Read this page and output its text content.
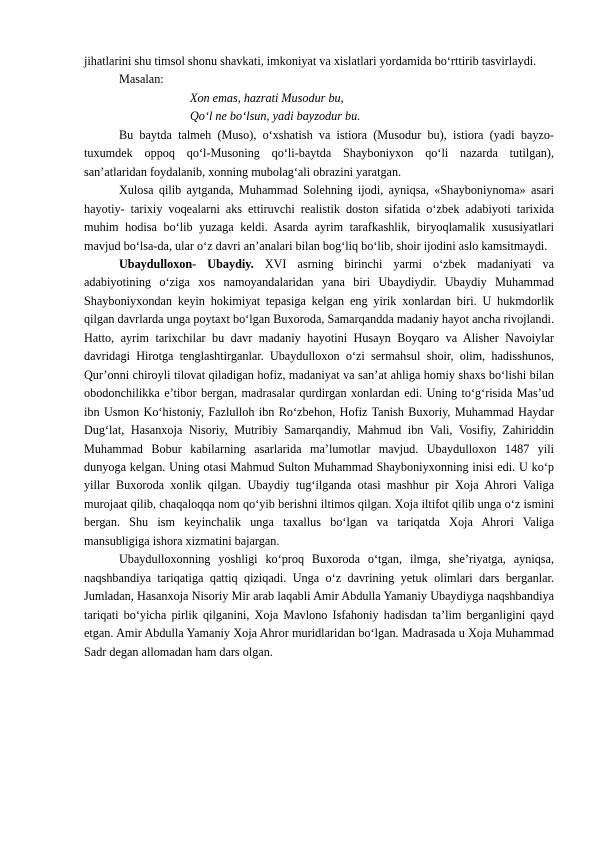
jihatlarini shu timsol shonu shavkati, imkoniyat va xislatlari yordamida bo‘rttirib tasvirlaydi.

Masalan:

Xon emas, hazrati Musodur bu,

Qo‘l ne bo‘lsun, yadi bayzodur bu.

Bu baytda talmeh (Muso), o‘xshatish va istiora (Musodur bu), istiora (yadi bayzo-tuxumdek oppoq qo‘l-Musoning qo‘li-baytda Shayboniyxon qo‘li nazarda tutilgan), san’atlaridan foydalanib, xonning mubolag‘ali obrazini yaratgan.

Xulosa qilib aytganda, Muhammad Solehning ijodi, ayniqsa, «Shayboniynoma» asari hayotiy- tarixiy voqealarni aks ettiruvchi realistik doston sifatida o‘zbek adabiyoti tarixida muhim hodisa bo‘lib yuzaga keldi. Asarda ayrim tarafkashlik, biryoqlamalik xususiyatlari mavjud bo‘lsa-da, ular o‘z davri an’analari bilan bog‘liq bo‘lib, shoir ijodini aslo kamsitmaydi.

Ubaydulloxon- Ubaydiy. XVI asrning birinchi yarmi o‘zbek madaniyati va adabiyotining o‘ziga xos namoyandalaridan yana biri Ubaydiydir. Ubaydiy Muhammad Shayboniyxondan keyin hokimiyat tepasiga kelgan eng yirik xonlardan biri. U hukmdorlik qilgan davrlarda unga poytaxt bo‘lgan Buxoroda, Samarqandda madaniy hayot ancha rivojlandi. Hatto, ayrim tarixchilar bu davr madaniy hayotini Husayn Boyqaro va Alisher Navoiylar davridagi Hirotga tenglashtirganlar. Ubaydulloxon o‘zi sermahsul shoir, olim, hadisshunos, Qur’onni chiroyli tilovat qiladigan hofiz, madaniyat va san’at ahliga homiy shaxs bo‘lishi bilan obodonchilikka e’tibor bergan, madrasalar qurdirgan xonlardan edi. Uning to‘g‘risida Mas’ud ibn Usmon Ko‘histoniy, Fazlulloh ibn Ro‘zbehon, Hofiz Tanish Buxoriy, Muhammad Haydar Dug‘lat, Hasanxoja Nisoriy, Mutribiy Samarqandiy, Mahmud ibn Vali, Vosifiy, Zahiriddin Muhammad Bobur kabilarning asarlarida ma’lumotlar mavjud. Ubaydulloxon 1487 yili dunyoga kelgan. Uning otasi Mahmud Sulton Muhammad Shayboniyxonning inisi edi. U ko‘p yillar Buxoroda xonlik qilgan. Ubaydiy tug‘ilganda otasi mashhur pir Xoja Ahrori Valiga murojaat qilib, chaqaloqqa nom qo‘yib berishni iltimos qilgan. Xoja iltifot qilib unga o‘z ismini bergan. Shu ism keyinchalik unga taxallus bo‘lgan va tariqatda Xoja Ahrori Valiga mansubligiga ishora xizmatini bajargan.

Ubaydulloxonning yoshligi ko‘proq Buxoroda o‘tgan, ilmga, she’riyatga, ayniqsa, naqshbandiya tariqatiga qattiq qiziqadi. Unga o‘z davrining yetuk olimlari dars berganlar. Jumladan, Hasanxoja Nisoriy Mir arab laqabli Amir Abdulla Yamaniy Ubaydiyga naqshbandiya tariqati bo‘yicha pirlik qilganini, Xoja Mavlono Isfahoniy hadisdan ta’lim berganligini qayd etgan. Amir Abdulla Yamaniy Xoja Ahror muridlaridan bo‘lgan. Madrasada u Xoja Muhammad Sadr degan allomadan ham dars olgan.
